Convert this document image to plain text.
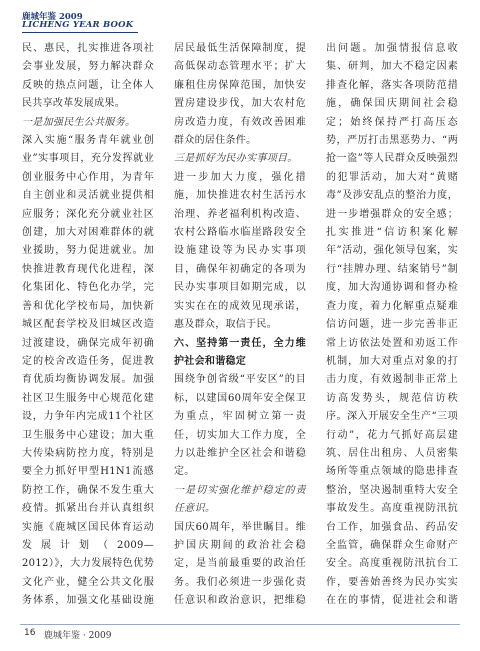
鹿城年鉴 2009
LICHENG YEAR BOOK

民、惠民，扎实推进各项社会事业发展，努力解决群众反映的热点问题，让全体人民共享改革发展成果。

一是加强民生公共服务。

深入实施“服务青年就业创业”实事项目，充分发挥就业创业服务中心作用，为青年自主创业和灵活就业提供相应服务；深化充分就业社区创建，加大对困难群体的就业援助，努力促进就业。加快推进教育现代化进程，深化集团化、特色化办学，完善和优化学校布局，加快新城区配套学校及旧城区改造过渡建设，确保完成年初确定的校舍改造任务，促进教育优质均衡协调发展。加强社区卫生服务中心规范化建设，力争年内完成11个社区卫生服务中心建设；加大重大传染病防控力度，特别是要全力抓好甲型H1N1流感防控工作，确保不发生重大疫情。抓紧出台并认真组织实施《鹿城区国民体育运动发展计划（2009—2012）》，大力发展特色优势文化产业，健全公共文化服务体系，加强文化基础设施

居民最低生活保障制度，提高低保动态管理水平；扩大廉租住房保障范围，加快安置房建设步伐，加大农村危房改造力度，有效改善困难群众的居住条件。

三是抓好为民办实事项目。

进一步加大力度，强化措施，加快推进农村生活污水治理、养老福利机构改造、农村公路临水临崖路段安全设施建设等为民办实事项目，确保年初确定的各项为民办实事项目如期完成，以实实在在的成效见现承诺，惠及群众，取信于民。

六、坚持第一责任，全力维护社会和谐稳定

围绕争创省级“平安区”的目标，以建国60周年安全保卫为重点，牢固树立第一责任，切实加大工作力度，全力以赴维护全区社会和谐稳定。

一是切实强化维护稳定的责任意识。

国庆60周年，举世瞩目。维护国庆期间的政治社会稳定，是当前最重要的政治任务。我们必须进一步强化责任意识和政治意识，把维稳

出问题。加强情报信息收集、研判，加大不稳定因素排查化解，落实各项防范措施，确保国庆期间社会稳定；始终保持严打高压态势，严厉打击黑恶势力、“两抢一盗”等人民群众反映强烈的犯罪活动，加大对“黄赌毒”及涉安乱点的整治力度，进一步增强群众的安全感；扎实推进“信访积案化解年”活动，强化领导包案，实行“挂牌办理、结案销号”制度，加大沟通协调和督办检查力度，着力化解重点疑难信访问题，进一步完善非正常上访依法处置和劝返工作机制，加大对重点对象的打击力度，有效遏制非正常上访高发势头，规范信访秩序。深入开展安全生产“三项行动”，花力气抓好高层建筑、居住出租房、人员密集场所等重点领域的隐患排查整治，坚决遏制重特大安全事故发生。高度重视防汛抗台工作，加强食品、药品安全监管，确保群众生命财产安全。高度重视防汛抗台工作，要善始善终为民办实实在在的事情，促进社会和谐

16 鹿城年鉴 · 2009
